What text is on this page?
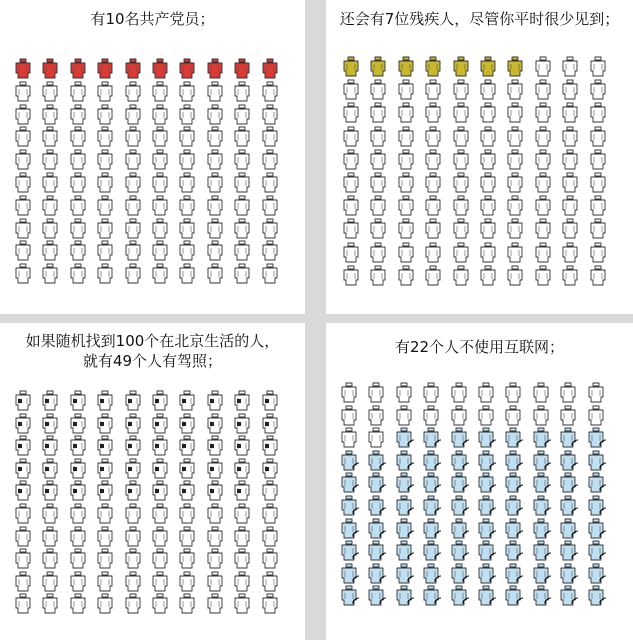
有10名共产党员；	还会有7位残疾人，尽管你平时很少见到；
如果随机找到100个在北京生活的人，
就有49个人有驾照；
有22个人不使用互联网；
